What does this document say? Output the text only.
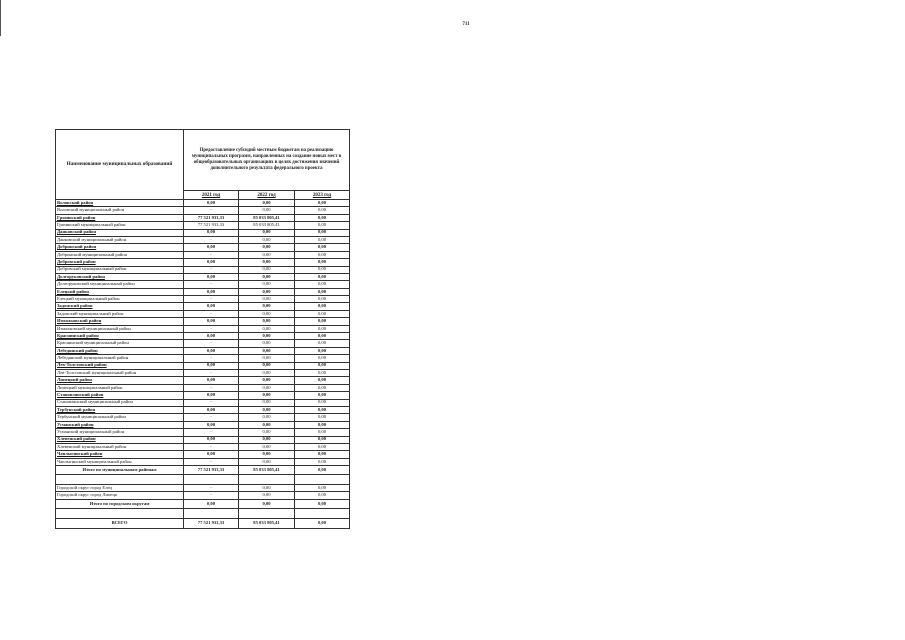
711
Наименование муниципальных образований	Предоставление субсидий местным бюджетам на реализацию муниципальных программ, направленных на создание новых мест в общеобразовательных организациях в целях достижения значений дополнительного результата федерального проекта		
	2021 год	2022 год	2023 год
Воловский район	0,00	0,00	0,00
Воловский муниципальный район	-	0,00	0,00
Грязинский район	77 521 933,33	85 033 805,41	0,00
Грязинский муниципальный район	77 521 933,33	85 033 805,41	0,00
Данковский район	0,00	0,00	0,00
Данковский муниципальный район	-	0,00	0,00
Добринский район	0,00	0,00	0,00
Добринский муниципальный район	-	0,00	0,00
Добровский район	0,00	0,00	0,00
Добровский муниципальный район	-	0,00	0,00
Долгоруковский район	0,00	0,00	0,00
Долгоруковский муниципальный район	-	0,00	0,00
Елецкий район	0,00	0,00	0,00
Елецкий муниципальный район	-	0,00	0,00
Задонский район	0,00	0,00	0,00
Задонский муниципальный район	-	0,00	0,00
Измалковский район	0,00	0,00	0,00
Измалковский муниципальный район	-	0,00	0,00
Краснинский район	0,00	0,00	0,00
Краснинский муниципальный район	-	0,00	0,00
Лебедянский район	0,00	0,00	0,00
Лебедянский муниципальный район	-	0,00	0,00
Лев-Толстовский район	0,00	0,00	0,00
Лев-Толстовский муниципальный район	-	0,00	0,00
Липецкий район	0,00	0,00	0,00
Липецкий муниципальный район	-	0,00	0,00
Становлянский район	0,00	0,00	0,00
Становлянский муниципальный район	-	0,00	0,00
Тербунский район	0,00	0,00	0,00
Тербунский муниципальный район	-	0,00	0,00
Усманский район	0,00	0,00	0,00
Усманский муниципальный район	-	0,00	0,00
Хлевенский район	0,00	0,00	0,00
Хлевенский муниципальный район	-	0,00	0,00
Чаплыгинский район	0,00	0,00	0,00
Чаплыгинский муниципальный район	-	0,00	0,00
Итого по муниципальным районам	77 521 933,33	85 033 805,41	0,00

Городской округ город Елец	-	0,00	0,00
Городской округ город Липецк	-	0,00	0,00
Итого по городским округам	0,00	0,00	0,00

ВСЕГО	77 521 933,33	85 033 805,41	0,00
